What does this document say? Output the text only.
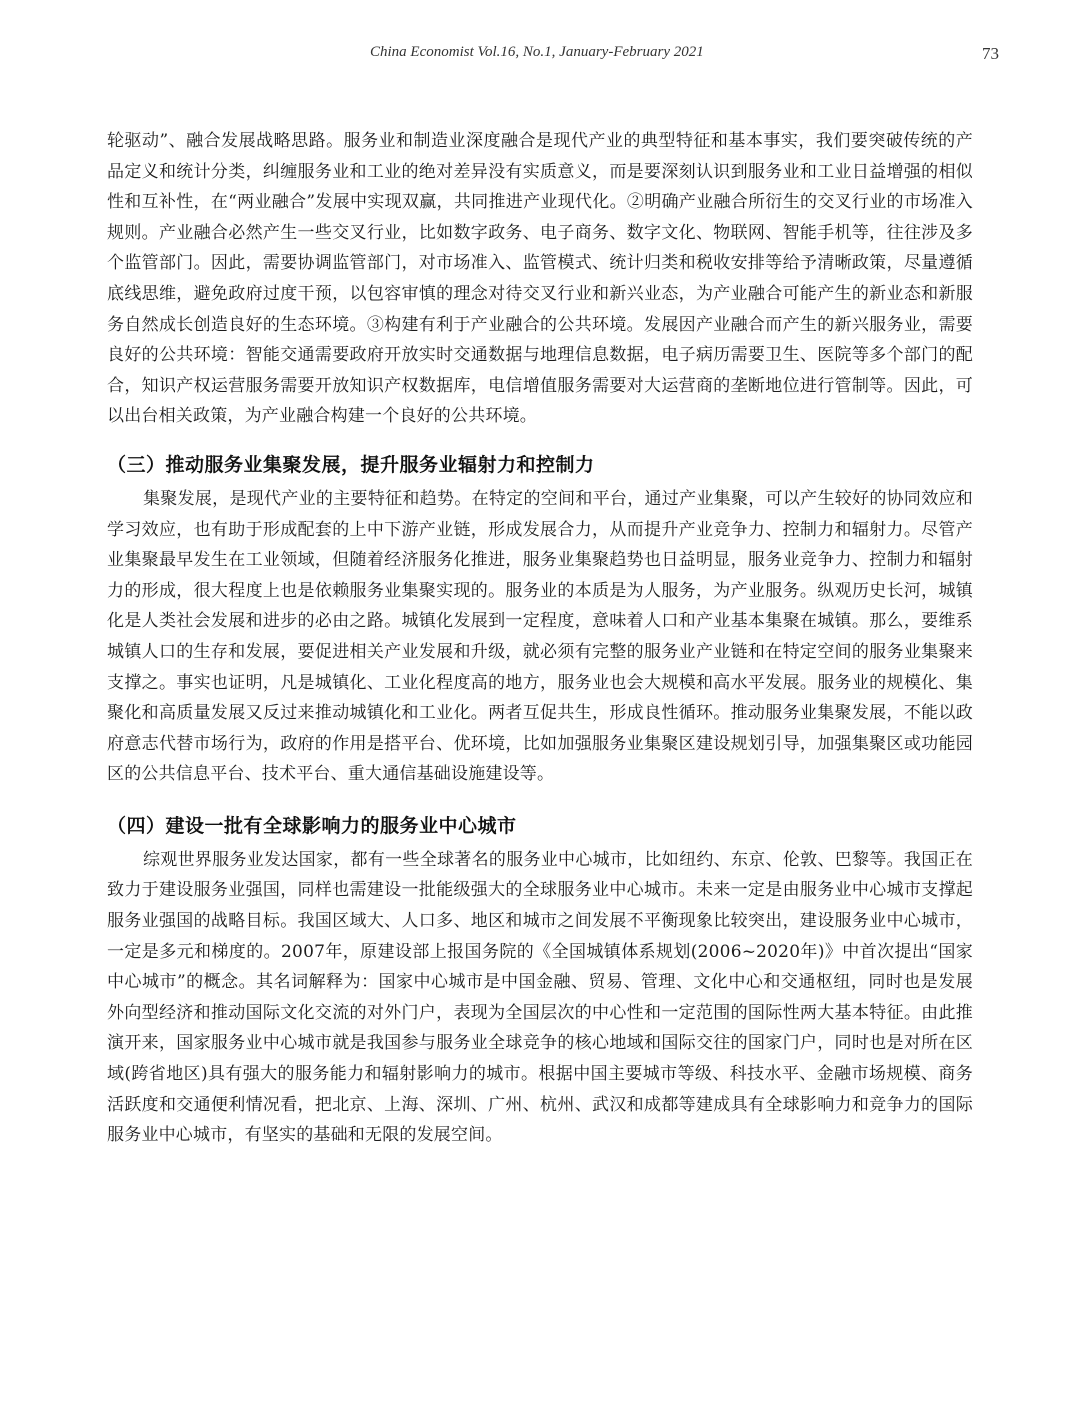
China Economist Vol.16, No.1, January-February 2021	73

轮驱动”、融合发展战略思路。服务业和制造业深度融合是现代产业的典型特征和基本事实，我们要突破传统的产品定义和统计分类，纠缠服务业和工业的绝对差异没有实质意义，而是要深刻认识到服务业和工业日益增强的相似性和互补性，在“两业融合”发展中实现双赢，共同推进产业现代化。②明确产业融合所衍生的交叉行业的市场准入规则。产业融合必然产生一些交叉行业，比如数字政务、电子商务、数字文化、物联网、智能手机等，往往涉及多个监管部门。因此，需要协调监管部门，对市场准入、监管模式、统计归类和税收安排等给予清晰政策，尽量遵循底线思维，避免政府过度干预，以包容审慎的理念对待交叉行业和新兴业态，为产业融合可能产生的新业态和新服务自然成长创造良好的生态环境。③构建有利于产业融合的公共环境。发展因产业融合而产生的新兴服务业，需要良好的公共环境：智能交通需要政府开放实时交通数据与地理信息数据，电子病历需要卫生、医院等多个部门的配合，知识产权运营服务需要开放知识产权数据库，电信增值服务需要对大运营商的垄断地位进行管制等。因此，可以出台相关政策，为产业融合构建一个良好的公共环境。

（三）推动服务业集聚发展，提升服务业辐射力和控制力

集聚发展，是现代产业的主要特征和趋势。在特定的空间和平台，通过产业集聚，可以产生较好的协同效应和学习效应，也有助于形成配套的上中下游产业链，形成发展合力，从而提升产业竞争力、控制力和辐射力。尽管产业集聚最早发生在工业领域，但随着经济服务化推进，服务业集聚趋势也日益明显，服务业竞争力、控制力和辐射力的形成，很大程度上也是依赖服务业集聚实现的。服务业的本质是为人服务，为产业服务。纵观历史长河，城镇化是人类社会发展和进步的必由之路。城镇化发展到一定程度，意味着人口和产业基本集聚在城镇。那么，要维系城镇人口的生存和发展，要促进相关产业发展和升级，就必须有完整的服务业产业链和在特定空间的服务业集聚来支撑之。事实也证明，凡是城镇化、工业化程度高的地方，服务业也会大规模和高水平发展。服务业的规模化、集聚化和高质量发展又反过来推动城镇化和工业化。两者互促共生，形成良性循环。推动服务业集聚发展，不能以政府意志代替市场行为，政府的作用是搭平台、优环境，比如加强服务业集聚区建设规划引导，加强集聚区或功能园区的公共信息平台、技术平台、重大通信基础设施建设等。

（四）建设一批有全球影响力的服务业中心城市

综观世界服务业发达国家，都有一些全球著名的服务业中心城市，比如纽约、东京、伦敦、巴黎等。我国正在致力于建设服务业强国，同样也需建设一批能级强大的全球服务业中心城市。未来一定是由服务业中心城市支撑起服务业强国的战略目标。我国区域大、人口多、地区和城市之间发展不平衡现象比较突出，建设服务业中心城市，一定是多元和梯度的。2007年，原建设部上报国务院的《全国城镇体系规划(2006~2020年)》中首次提出“国家中心城市”的概念。其名词解释为：国家中心城市是中国金融、贸易、管理、文化中心和交通枢纽，同时也是发展外向型经济和推动国际文化交流的对外门户，表现为全国层次的中心性和一定范围的国际性两大基本特征。由此推演开来，国家服务业中心城市就是我国参与服务业全球竞争的核心地域和国际交往的国家门户，同时也是对所在区域(跨省地区)具有强大的服务能力和辐射影响力的城市。根据中国主要城市等级、科技水平、金融市场规模、商务活跃度和交通便利情况看，把北京、上海、深圳、广州、杭州、武汉和成都等建成具有全球影响力和竞争力的国际服务业中心城市，有坚实的基础和无限的发展空间。
